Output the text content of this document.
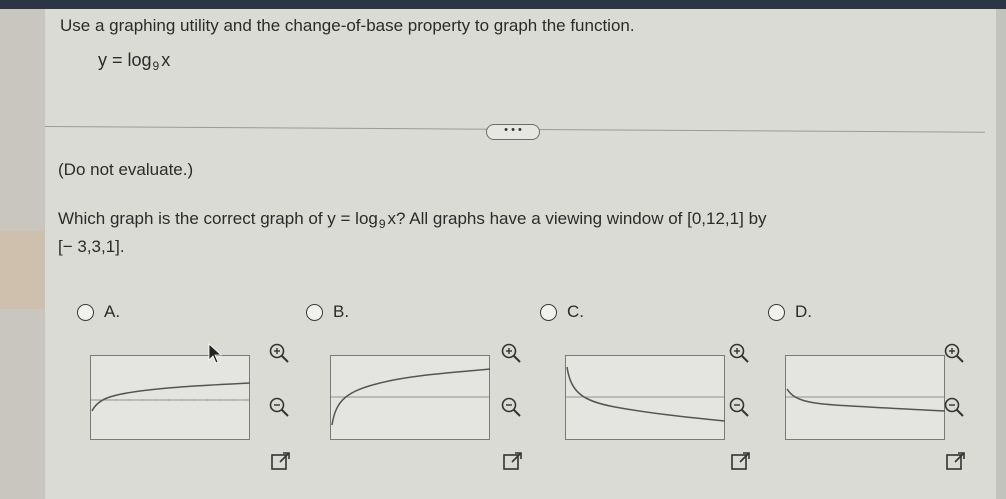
Use a graphing utility and the change-of-base property to graph the function.
$y = \log_9 x$
• • •
(Do not evaluate.)
Which graph is the correct graph of $y = \log_9 x$? All graphs have a viewing window of [0,12,1] by
[− 3,3,1].
A.	B.	C.	D.
